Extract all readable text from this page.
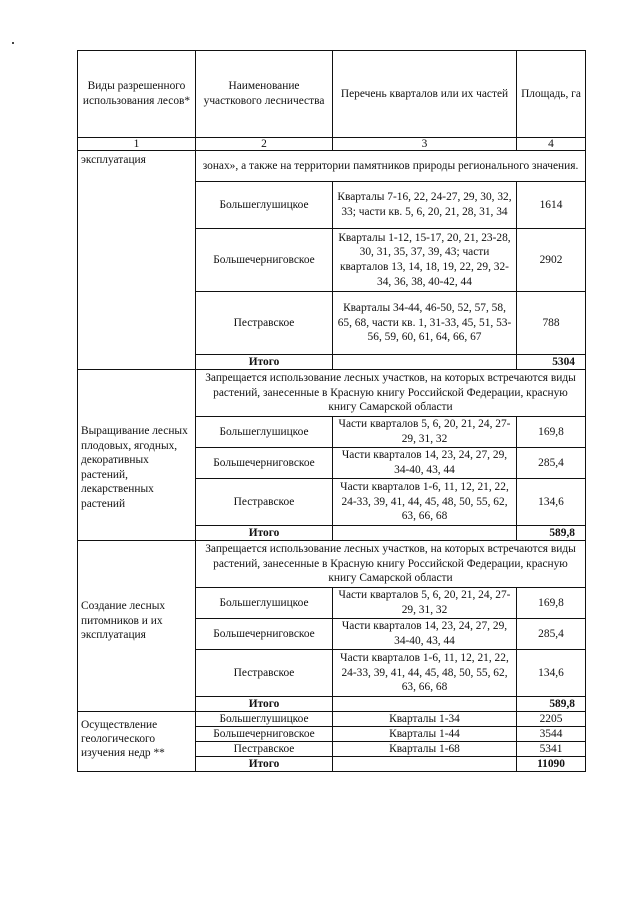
Виды разрешенного использования лесов*	Наименование участкового лесничества	Перечень кварталов или их частей	Площадь, га
1	2	3	4
эксплуатация	зонах», а также на территории памятников природы регионального значения.		
	Большеглушицкое	Кварталы 7-16, 22, 24-27, 29, 30, 32, 33; части кв. 5, 6, 20, 21, 28, 31, 34	1614
	Большечерниговское	Кварталы 1-12, 15-17, 20, 21, 23-28, 30, 31, 35, 37, 39, 43; части кварталов 13, 14, 18, 19, 22, 29, 32-34, 36, 38, 40-42, 44	2902
	Пестравское	Кварталы 34-44, 46-50, 52, 57, 58, 65, 68, части кв. 1, 31-33, 45, 51, 53-56, 59, 60, 61, 64, 66, 67	788
	Итого		5304
Выращивание лесных плодовых, ягодных, декоративных растений, лекарственных растений	Запрещается использование лесных участков, на которых встречаются виды растений, занесенные в Красную книгу Российской Федерации, красную книгу Самарской области		
	Большеглушицкое	Части кварталов 5, 6, 20, 21, 24, 27-29, 31, 32	169,8
	Большечерниговское	Части кварталов 14, 23, 24, 27, 29, 34-40, 43, 44	285,4
	Пестравское	Части кварталов 1-6, 11, 12, 21, 22, 24-33, 39, 41, 44, 45, 48, 50, 55, 62, 63, 66, 68	134,6
	Итого		589,8
Создание лесных питомников и их эксплуатация	Запрещается использование лесных участков, на которых встречаются виды растений, занесенные в Красную книгу Российской Федерации, красную книгу Самарской области		
	Большеглушицкое	Части кварталов 5, 6, 20, 21, 24, 27-29, 31, 32	169,8
	Большечерниговское	Части кварталов 14, 23, 24, 27, 29, 34-40, 43, 44	285,4
	Пестравское	Части кварталов 1-6, 11, 12, 21, 22, 24-33, 39, 41, 44, 45, 48, 50, 55, 62, 63, 66, 68	134,6
	Итого		589,8
Осуществление геологического изучения недр **	Большеглушицкое	Кварталы 1-34	2205
	Большечерниговское	Кварталы 1-44	3544
	Пестравское	Кварталы 1-68	5341
	Итого		11090
